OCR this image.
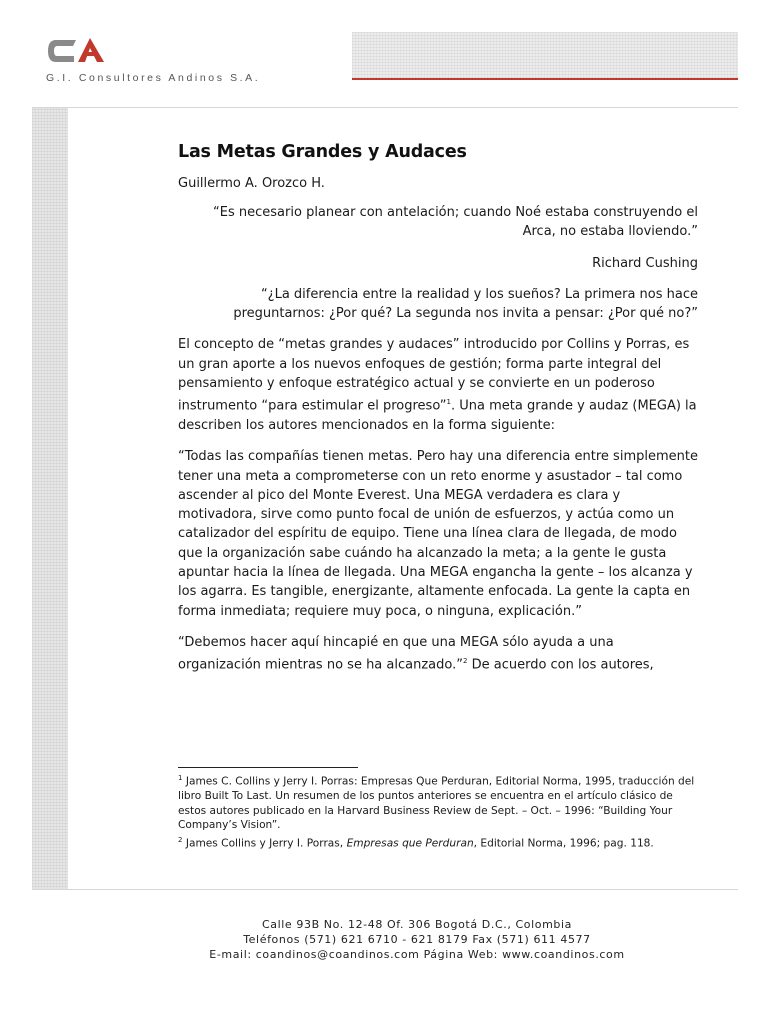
G.I. Consultores Andinos S.A.
Las Metas Grandes y Audaces
Guillermo A. Orozco H.
“Es necesario planear con antelación; cuando Noé estaba construyendo el Arca, no estaba lloviendo.”
Richard Cushing
“¿La diferencia entre la realidad y los sueños? La primera nos hace preguntarnos: ¿Por qué? La segunda nos invita a pensar: ¿Por qué no?”
El concepto de “metas grandes y audaces” introducido por Collins y Porras, es un gran aporte a los nuevos enfoques de gestión; forma parte integral del pensamiento y enfoque estratégico actual y se convierte en un poderoso instrumento “para estimular el progreso”$^1$. Una meta grande y audaz (MEGA) la describen los autores mencionados en la forma siguiente:
“Todas las compañías tienen metas. Pero hay una diferencia entre simplemente tener una meta a comprometerse con un reto enorme y asustador – tal como ascender al pico del Monte Everest. Una MEGA verdadera es clara y motivadora, sirve como punto focal de unión de esfuerzos, y actúa como un catalizador del espíritu de equipo. Tiene una línea clara de llegada, de modo que la organización sabe cuándo ha alcanzado la meta; a la gente le gusta apuntar hacia la línea de llegada. Una MEGA engancha la gente – los alcanza y los agarra. Es tangible, energizante, altamente enfocada. La gente la capta en forma inmediata; requiere muy poca, o ninguna, explicación.”
“Debemos hacer aquí hincapié en que una MEGA sólo ayuda a una organización mientras no se ha alcanzado.”$^2$ De acuerdo con los autores,
$^1$ James C. Collins y Jerry I. Porras: Empresas Que Perduran, Editorial Norma, 1995, traducción del libro Built To Last. Un resumen de los puntos anteriores se encuentra en el artículo clásico de estos autores publicado en la Harvard Business Review de Sept. – Oct. – 1996: “Building Your Company’s Vision”.
$^2$ James Collins y Jerry I. Porras, Empresas que Perduran, Editorial Norma, 1996; pag. 118.
Calle 93B No. 12-48 Of. 306 Bogotá D.C., Colombia
Teléfonos (571) 621 6710 - 621 8179 Fax (571) 611 4577
E-mail: coandinos@coandinos.com Página Web: www.coandinos.com
